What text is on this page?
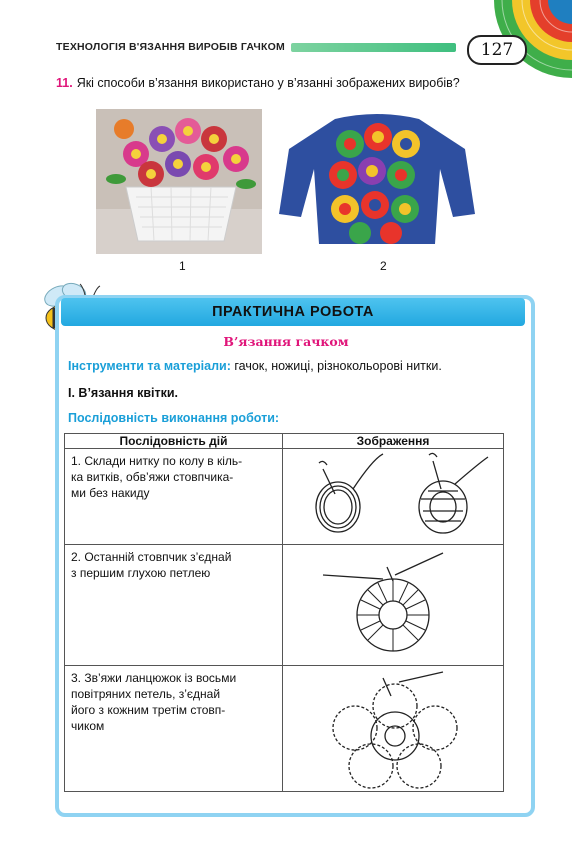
ТЕХНОЛОГІЯ В'ЯЗАННЯ ВИРОБІВ ГАЧКОМ	127
11. Які способи в’язання використано у в’язанні зображених виробів?
1	2
ПРАКТИЧНА РОБОТА
В’язання гачком
Інструменти та матеріали: гачок, ножиці, різнокольорові нитки.
І. В’язання квітки.
Послідовність виконання роботи:
Послідовність дій	Зображення

1. Склади нитку по колу в кіль-
ка витків, обв’яжи стовпчика-
ми без накиду

2. Останній стовпчик з’єднай
з першим глухою петлею

3. Зв’яжи ланцюжок із восьми
повітряних петель, з’єднай
його з кожним третім стовп-
чиком
